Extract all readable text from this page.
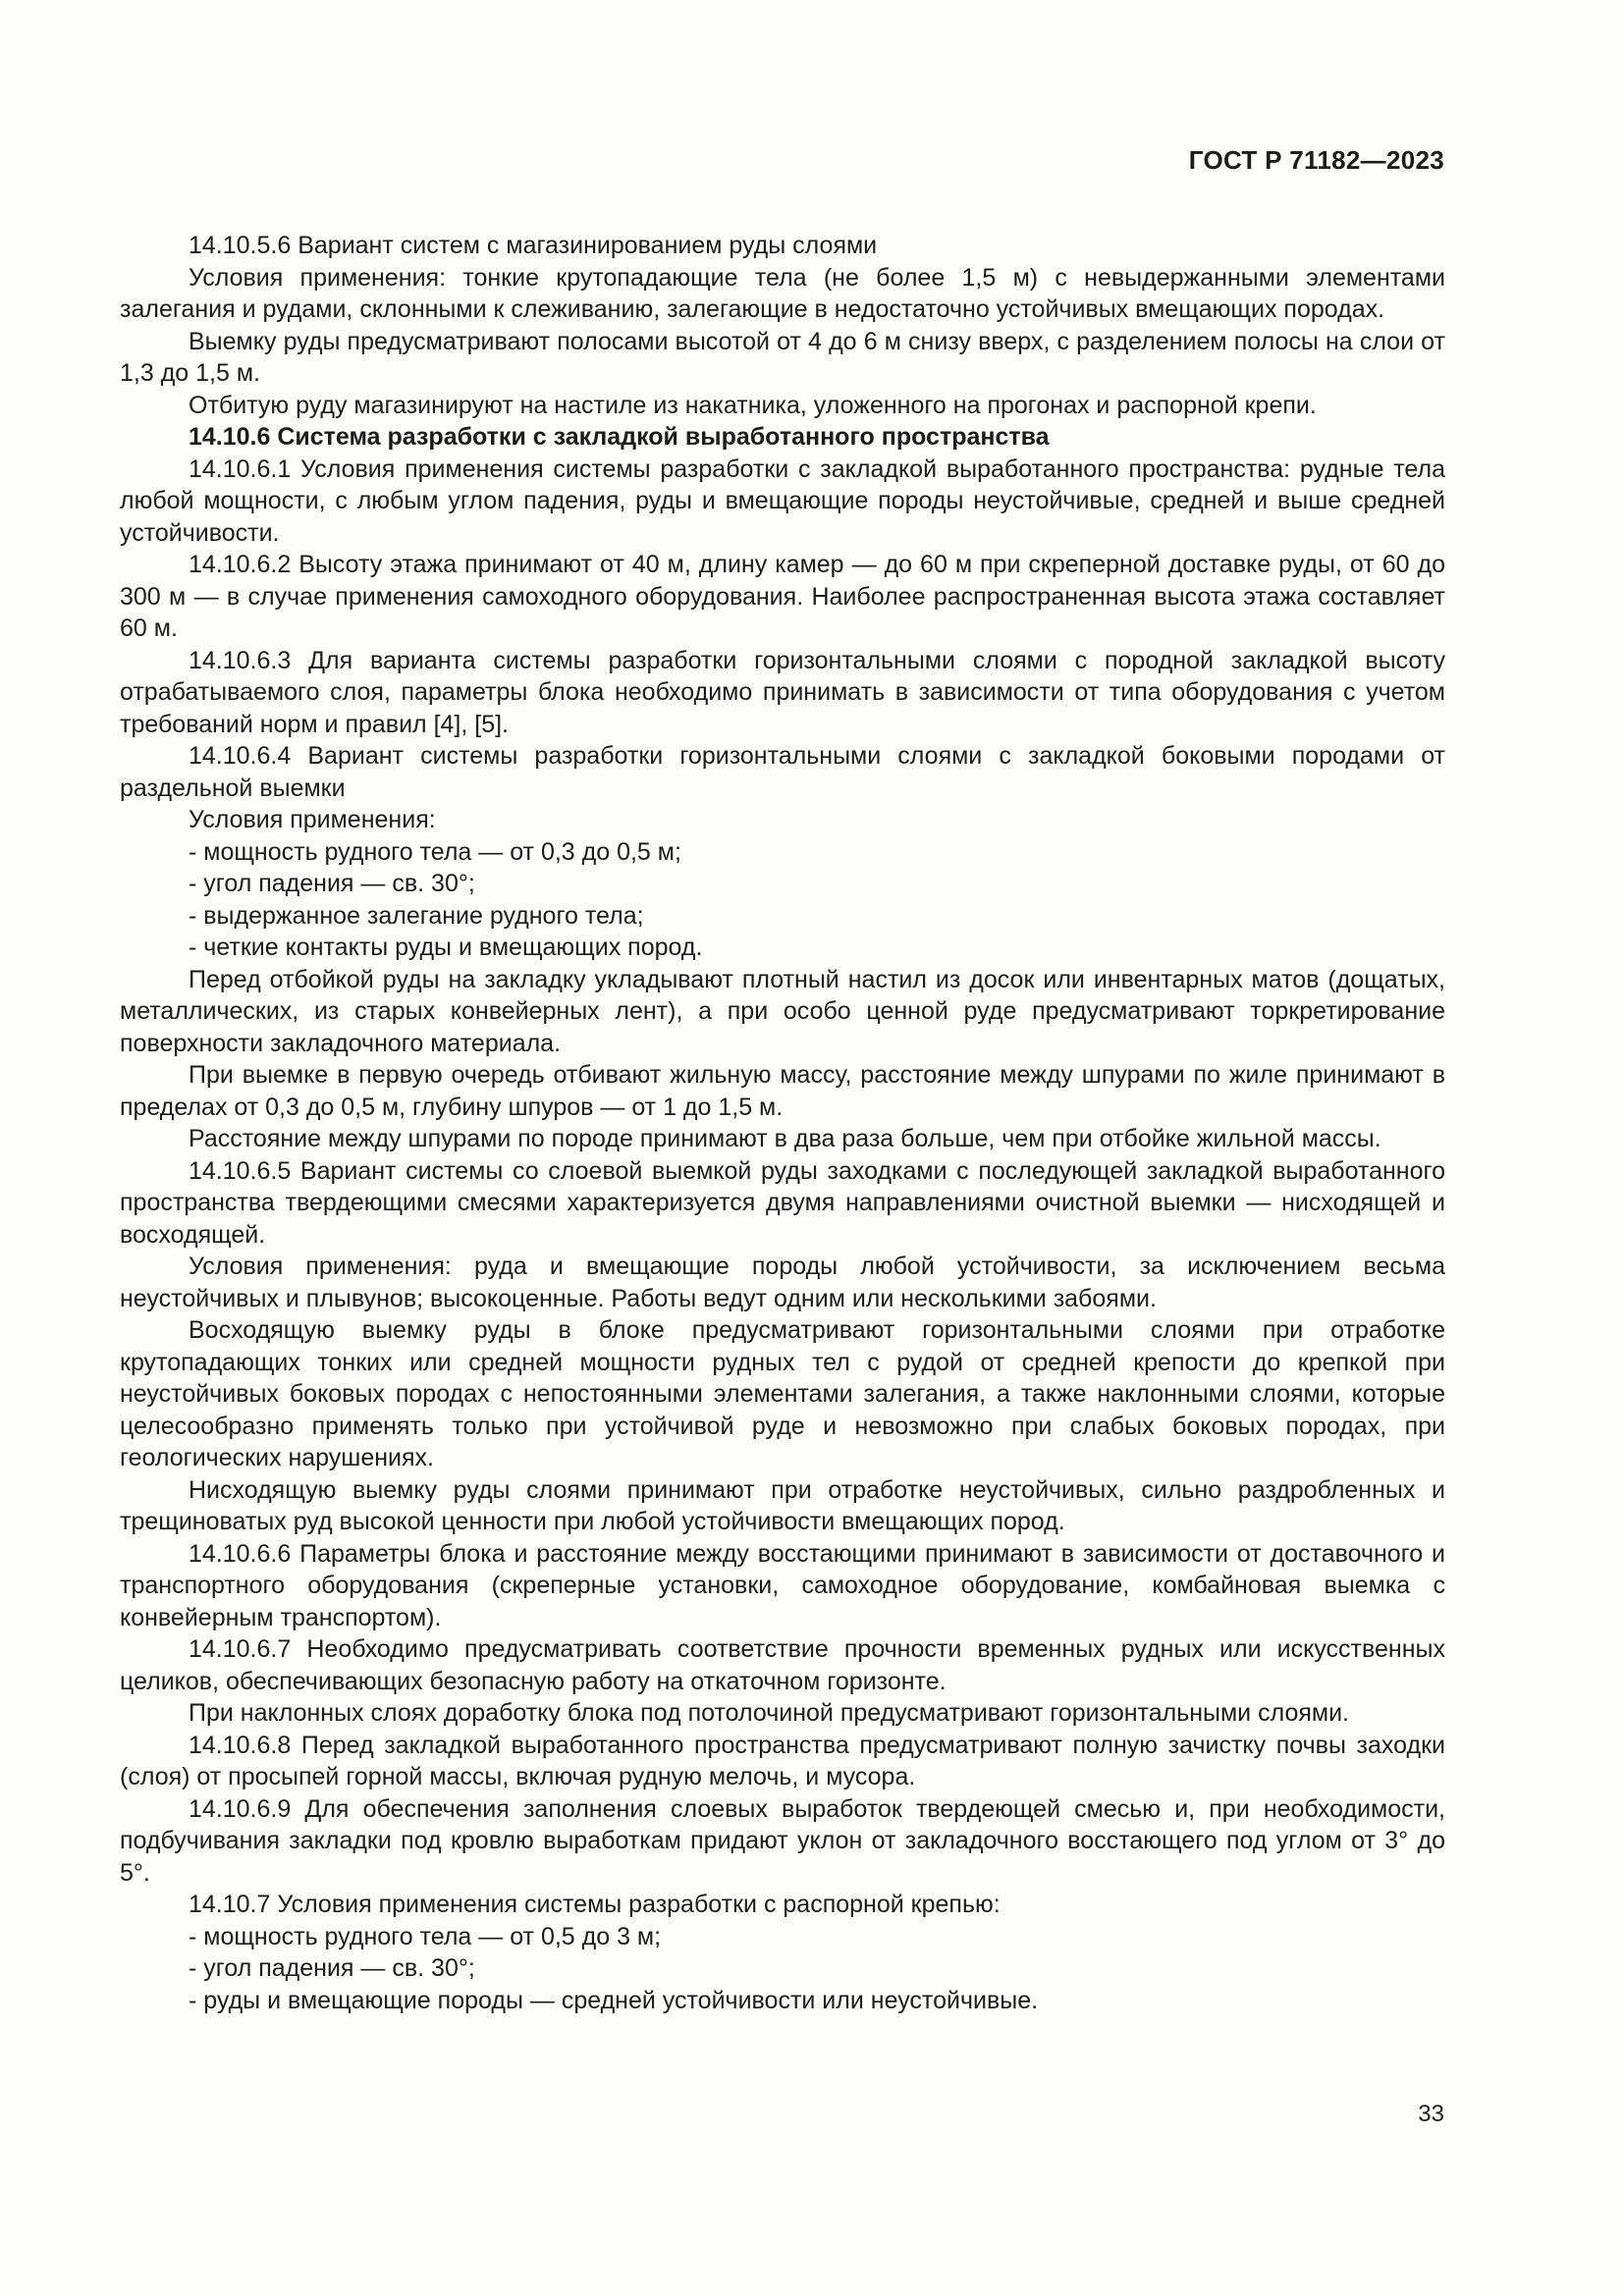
ГОСТ Р 71182—2023

14.10.5.6 Вариант систем с магазинированием руды слоями

Условия применения: тонкие крутопадающие тела (не более 1,5 м) с невыдержанными элементами залегания и рудами, склонными к слеживанию, залегающие в недостаточно устойчивых вмещающих породах.

Выемку руды предусматривают полосами высотой от 4 до 6 м снизу вверх, с разделением полосы на слои от 1,3 до 1,5 м.

Отбитую руду магазинируют на настиле из накатника, уложенного на прогонах и распорной крепи.

14.10.6 Система разработки с закладкой выработанного пространства

14.10.6.1 Условия применения системы разработки с закладкой выработанного пространства: рудные тела любой мощности, с любым углом падения, руды и вмещающие породы неустойчивые, средней и выше средней устойчивости.

14.10.6.2 Высоту этажа принимают от 40 м, длину камер — до 60 м при скреперной доставке руды, от 60 до 300 м — в случае применения самоходного оборудования. Наиболее распространенная высота этажа составляет 60 м.

14.10.6.3 Для варианта системы разработки горизонтальными слоями с породной закладкой высоту отрабатываемого слоя, параметры блока необходимо принимать в зависимости от типа оборудования с учетом требований норм и правил [4], [5].

14.10.6.4 Вариант системы разработки горизонтальными слоями с закладкой боковыми породами от раздельной выемки

Условия применения:

- мощность рудного тела — от 0,3 до 0,5 м;

- угол падения — св. 30°;

- выдержанное залегание рудного тела;

- четкие контакты руды и вмещающих пород.

Перед отбойкой руды на закладку укладывают плотный настил из досок или инвентарных матов (дощатых, металлических, из старых конвейерных лент), а при особо ценной руде предусматривают торкретирование поверхности закладочного материала.

При выемке в первую очередь отбивают жильную массу, расстояние между шпурами по жиле принимают в пределах от 0,3 до 0,5 м, глубину шпуров — от 1 до 1,5 м.

Расстояние между шпурами по породе принимают в два раза больше, чем при отбойке жильной массы.

14.10.6.5 Вариант системы со слоевой выемкой руды заходками с последующей закладкой выработанного пространства твердеющими смесями характеризуется двумя направлениями очистной выемки — нисходящей и восходящей.

Условия применения: руда и вмещающие породы любой устойчивости, за исключением весьма неустойчивых и плывунов; высокоценные. Работы ведут одним или несколькими забоями.

Восходящую выемку руды в блоке предусматривают горизонтальными слоями при отработке крутопадающих тонких или средней мощности рудных тел с рудой от средней крепости до крепкой при неустойчивых боковых породах с непостоянными элементами залегания, а также наклонными слоями, которые целесообразно применять только при устойчивой руде и невозможно при слабых боковых породах, при геологических нарушениях.

Нисходящую выемку руды слоями принимают при отработке неустойчивых, сильно раздробленных и трещиноватых руд высокой ценности при любой устойчивости вмещающих пород.

14.10.6.6 Параметры блока и расстояние между восстающими принимают в зависимости от доставочного и транспортного оборудования (скреперные установки, самоходное оборудование, комбайновая выемка с конвейерным транспортом).

14.10.6.7 Необходимо предусматривать соответствие прочности временных рудных или искусственных целиков, обеспечивающих безопасную работу на откаточном горизонте.

При наклонных слоях доработку блока под потолочиной предусматривают горизонтальными слоями.

14.10.6.8 Перед закладкой выработанного пространства предусматривают полную зачистку почвы заходки (слоя) от просыпей горной массы, включая рудную мелочь, и мусора.

14.10.6.9 Для обеспечения заполнения слоевых выработок твердеющей смесью и, при необходимости, подбучивания закладки под кровлю выработкам придают уклон от закладочного восстающего под углом от 3° до 5°.

14.10.7 Условия применения системы разработки с распорной крепью:

- мощность рудного тела — от 0,5 до 3 м;

- угол падения — св. 30°;

- руды и вмещающие породы — средней устойчивости или неустойчивые.

33
